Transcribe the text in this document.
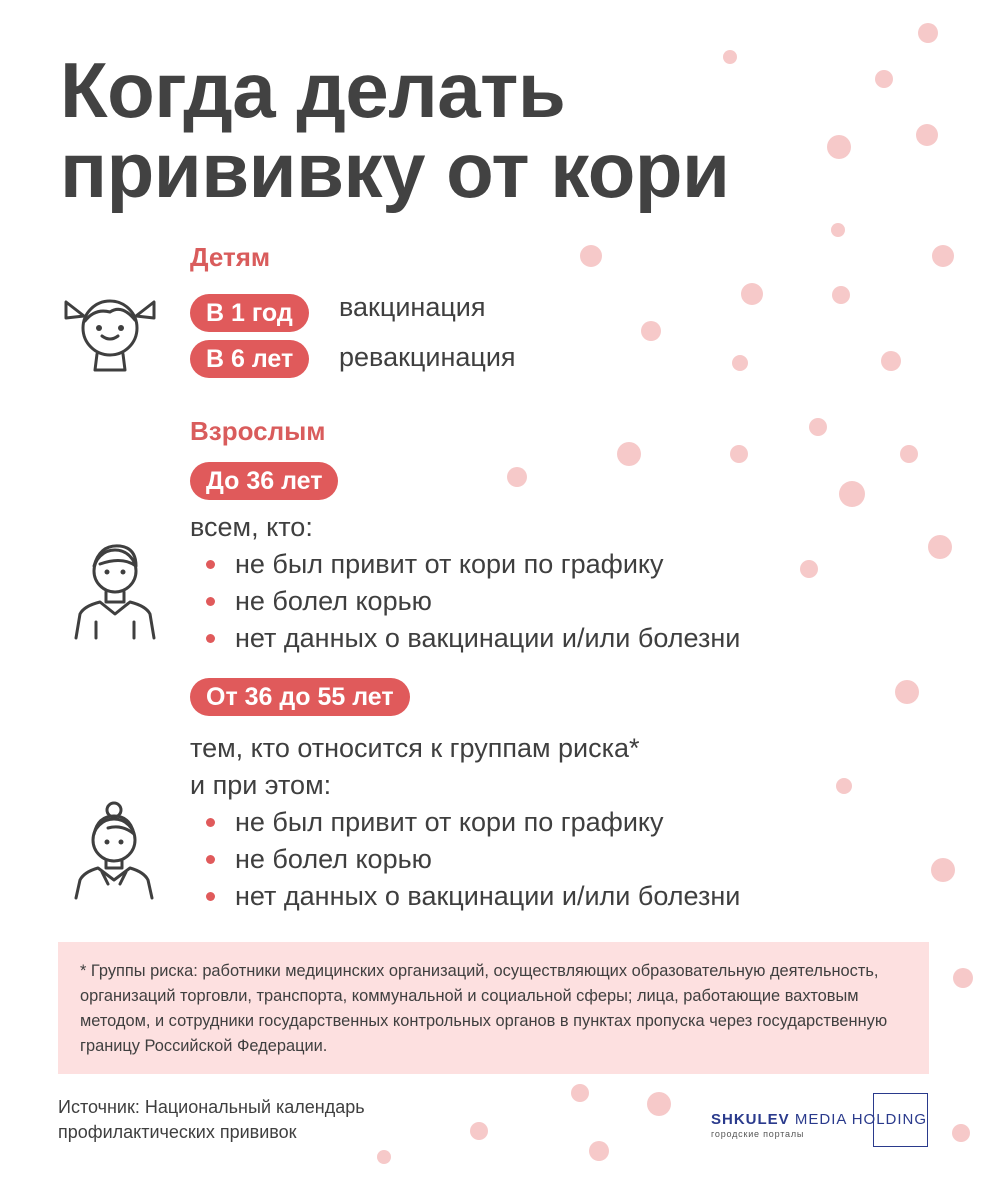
Когда делать
прививку от кори
Детям
В 1 год	вакцинация
В 6 лет	ревакцинация
Взрослым
До 36 лет
всем, кто:
не был привит от кори по графику
не болел корью
нет данных о вакцинации и/или болезни
От 36 до 55 лет
тем, кто относится к группам риска*
и при этом:
не был привит от кори по графику
не болел корью
нет данных о вакцинации и/или болезни
* Группы риска: работники медицинских организаций, осуществляющих образовательную деятельность, организаций торговли, транспорта, коммунальной и социальной сферы; лица, работающие вахтовым методом, и сотрудники государственных контрольных органов в пунктах пропуска через государственную границу Российской Федерации.
Источник: Национальный календарь профилактических прививок
SHKULEV MEDIA HOLDING
городские порталы
